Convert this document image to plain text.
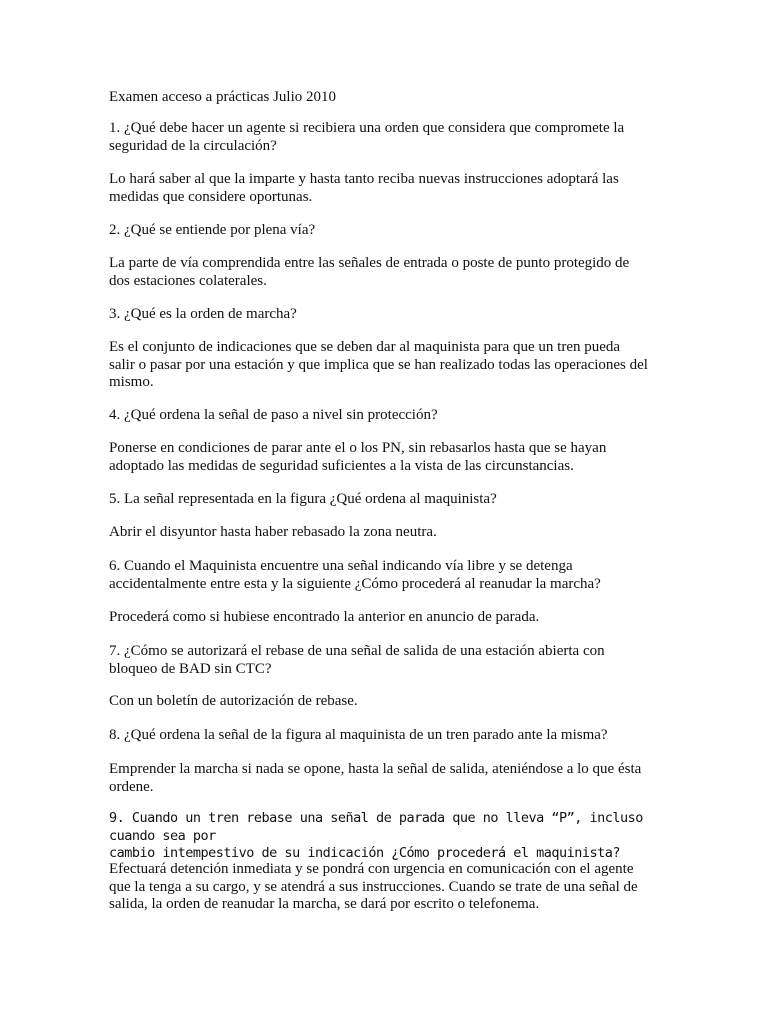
Examen acceso a prácticas Julio 2010

1. ¿Qué debe hacer un agente si recibiera una orden que considera que compromete la seguridad de la circulación?

Lo hará saber al que la imparte y hasta tanto reciba nuevas instrucciones adoptará las medidas que considere oportunas.

2. ¿Qué se entiende por plena vía?

La parte de vía comprendida entre las señales de entrada o poste de punto protegido de dos estaciones colaterales.

3. ¿Qué es la orden de marcha?

Es el conjunto de indicaciones que se deben dar al maquinista para que un tren pueda salir o pasar por una estación y que implica que se han realizado todas las operaciones del mismo.

4. ¿Qué ordena la señal de paso a nivel sin protección?

Ponerse en condiciones de parar ante el o los PN, sin rebasarlos hasta que se hayan adoptado las medidas de seguridad suficientes a la vista de las circunstancias.

5. La señal representada en la figura ¿Qué ordena al maquinista?

Abrir el disyuntor hasta haber rebasado la zona neutra.

6. Cuando el Maquinista encuentre una señal indicando vía libre y se detenga accidentalmente entre esta y la siguiente ¿Cómo procederá al reanudar la marcha?

Procederá como si hubiese encontrado la anterior en anuncio de parada.

7. ¿Cómo se autorizará el rebase de una señal de salida de una estación abierta con bloqueo de BAD sin CTC?

Con un boletín de autorización de rebase.

8. ¿Qué ordena la señal de la figura al maquinista de un tren parado ante la misma?

Emprender la marcha si nada se opone, hasta la señal de salida, ateniéndose a lo que ésta ordene.

9. Cuando un tren rebase una señal de parada que no lleva “P”, incluso cuando sea por
cambio intempestivo de su indicación ¿Cómo procederá el maquinista?

Efectuará detención inmediata y se pondrá con urgencia en comunicación con el agente que la tenga a su cargo, y se atendrá a sus instrucciones. Cuando se trate de una señal de salida, la orden de reanudar la marcha, se dará por escrito o telefonema.
